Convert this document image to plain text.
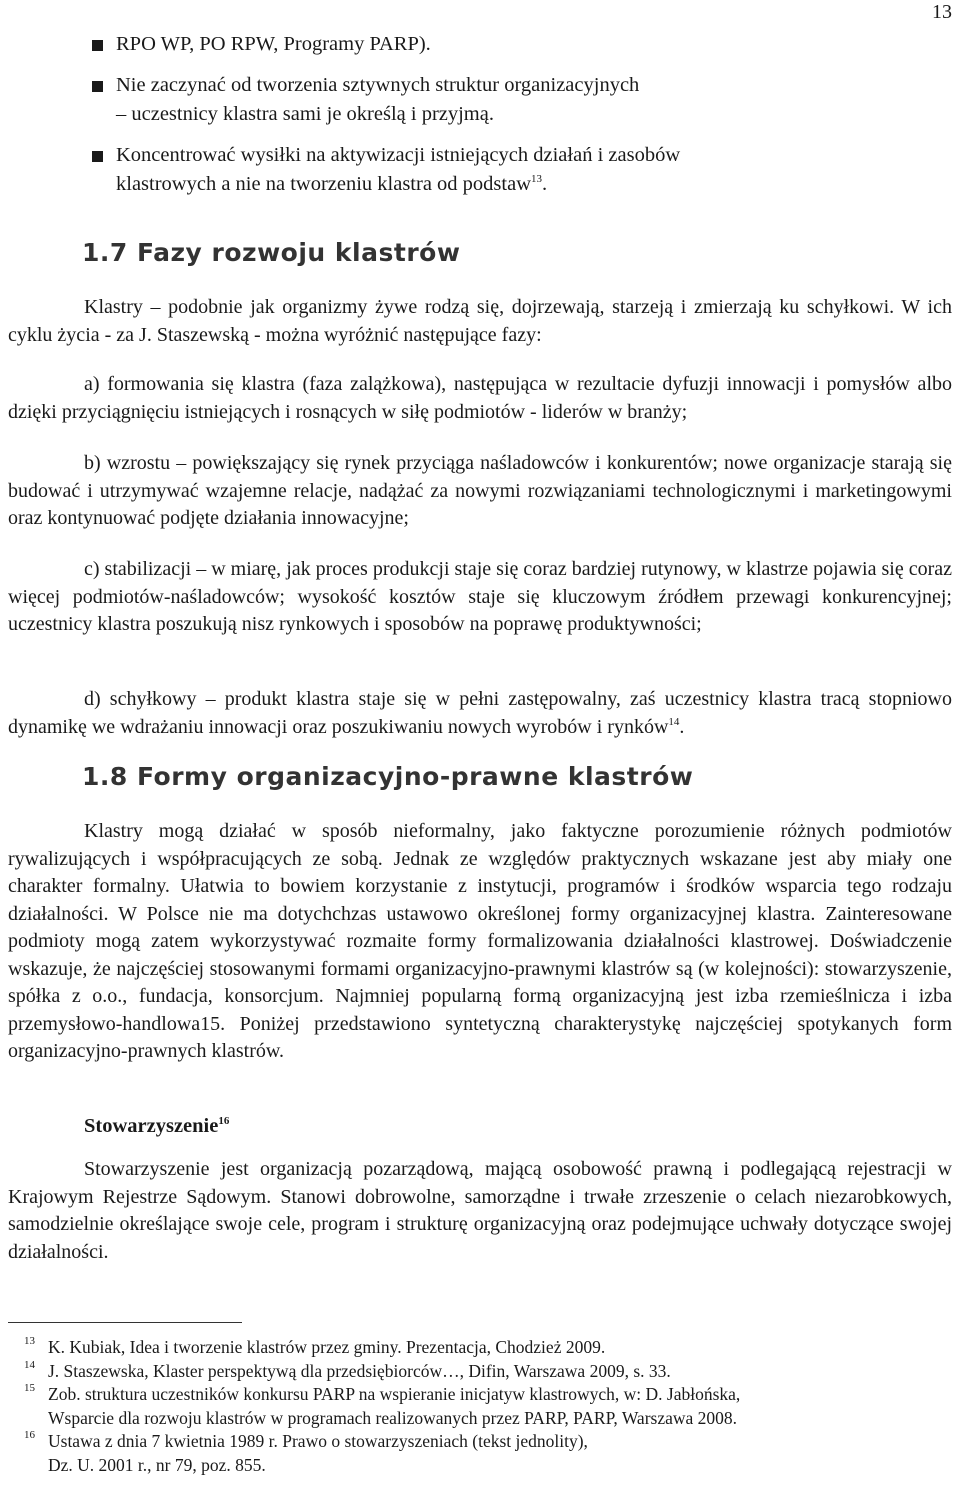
13
RPO WP, PO RPW, Programy PARP).
Nie zaczynać od tworzenia sztywnych struktur organizacyjnych
– uczestnicy klastra sami je określą i przyjmą.
Koncentrować wysiłki na aktywizacji istniejących działań i zasobów
klastrowych a nie na tworzeniu klastra od podstaw$^{13}$.
1.7 Fazy rozwoju klastrów

Klastry – podobnie jak organizmy żywe rodzą się, dojrzewają, starzeją i zmierzają ku schyłkowi. W ich cyklu życia - za J. Staszewską - można wyróżnić następujące fazy:

a) formowania się klastra (faza zalążkowa), następująca w rezultacie dyfuzji innowacji i pomysłów albo dzięki przyciągnięciu istniejących i rosnących w siłę podmiotów - liderów w branży;

b) wzrostu – powiększający się rynek przyciąga naśladowców i konkurentów; nowe organizacje starają się budować i utrzymywać wzajemne relacje, nadążać za nowymi rozwiązaniami technologicznymi i marketingowymi oraz kontynuować podjęte działania innowacyjne;

c) stabilizacji – w miarę, jak proces produkcji staje się coraz bardziej rutynowy, w klastrze pojawia się coraz więcej podmiotów-naśladowców; wysokość kosztów staje się kluczowym źródłem przewagi konkurencyjnej; uczestnicy klastra poszukują nisz rynkowych i sposobów na poprawę produktywności;

d) schyłkowy – produkt klastra staje się w pełni zastępowalny, zaś uczestnicy klastra tracą stopniowo dynamikę we wdrażaniu innowacji oraz poszukiwaniu nowych wyrobów i rynków$^{14}$.

1.8 Formy organizacyjno-prawne klastrów

Klastry mogą działać w sposób nieformalny, jako faktyczne porozumienie różnych podmiotów rywalizujących i współpracujących ze sobą. Jednak ze względów praktycznych wskazane jest aby miały one charakter formalny. Ułatwia to bowiem korzystanie z instytucji, programów i środków wsparcia tego rodzaju działalności. W Polsce nie ma dotychchzas ustawowo określonej formy organizacyjnej klastra. Zainteresowane podmioty mogą zatem wykorzystywać rozmaite formy formalizowania działalności klastrowej. Doświadczenie wskazuje, że najczęściej stosowanymi formami organizacyjno-prawnymi klastrów są (w kolejności): stowarzyszenie, spółka z o.o., fundacja, konsorcjum. Najmniej popularną formą organizacyjną jest izba rzemieślnicza i izba przemysłowo-handlowa15. Poniżej przedstawiono syntetyczną charakterystykę najczęściej spotykanych form organizacyjno-prawnych klastrów.

Stowarzyszenie$^{16}$

Stowarzyszenie jest organizacją pozarządową, mającą osobowość prawną i podlegającą rejestracji w Krajowym Rejestrze Sądowym. Stanowi dobrowolne, samorządne i trwałe zrzeszenie o celach niezarobkowych, samodzielnie określające swoje cele, program i strukturę organizacyjną oraz podejmujące uchwały dotyczące swojej działalności.

13 K. Kubiak, Idea i tworzenie klastrów przez gminy. Prezentacja, Chodzież 2009.
14 J. Staszewska, Klaster perspektywą dla przedsiębiorców…, Difin, Warszawa 2009, s. 33.
15 Zob. struktura uczestników konkursu PARP na wspieranie inicjatyw klastrowych, w: D. Jabłońska,
Wsparcie dla rozwoju klastrów w programach realizowanych przez PARP, PARP, Warszawa 2008.
16 Ustawa z dnia 7 kwietnia 1989 r. Prawo o stowarzyszeniach (tekst jednolity),
Dz. U. 2001 r., nr 79, poz. 855.
